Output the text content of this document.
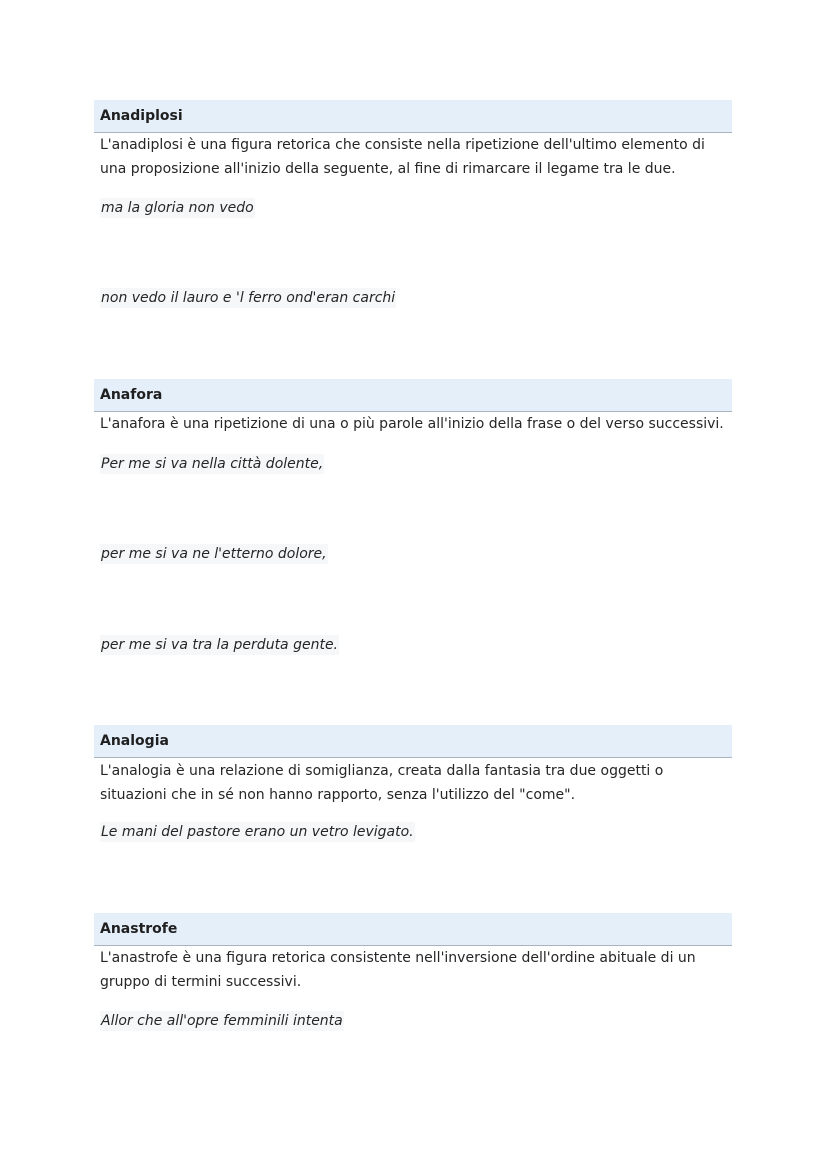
Anadiplosi

L'anadiplosi è una figura retorica che consiste nella ripetizione dell'ultimo elemento di una proposizione all'inizio della seguente, al fine di rimarcare il legame tra le due.

ma la gloria non vedo
non vedo il lauro e 'l ferro ond'eran carchi
Anafora

L'anafora è una ripetizione di una o più parole all'inizio della frase o del verso successivi.

Per me si va nella città dolente,
per me si va ne l'etterno dolore,
per me si va tra la perduta gente.
Analogia

L'analogia è una relazione di somiglianza, creata dalla fantasia tra due oggetti o situazioni che in sé non hanno rapporto, senza l'utilizzo del "come".

Le mani del pastore erano un vetro levigato.
Anastrofe

L'anastrofe è una figura retorica consistente nell'inversione dell'ordine abituale di un gruppo di termini successivi.

Allor che all'opre femminili intenta
